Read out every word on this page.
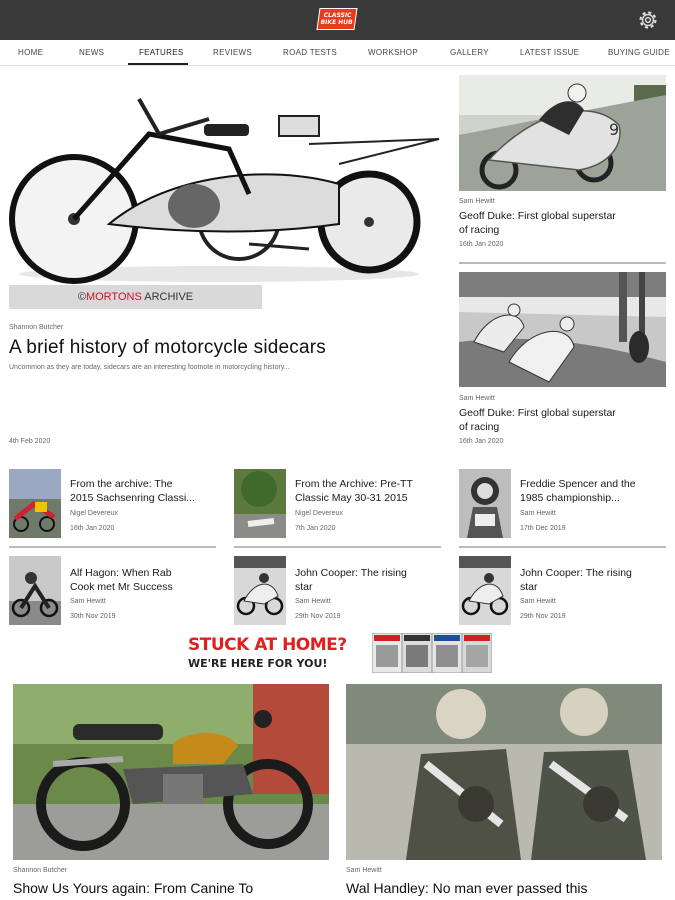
CLASSIC BIKE HUB
HOME	NEWS	FEATURES	REVIEWS	ROAD TESTS	WORKSHOP	GALLERY	LATEST ISSUE	BUYING GUIDE
©MORTONS ARCHIVE
Shannon Butcher
A brief history of motorcycle sidecars
Uncommon as they are today, sidecars are an interesting footnote in motorcycling history...
4th Feb 2020
9
Sam Hewitt
Geoff Duke: First global superstar
of racing
16th Jan 2020
Sam Hewitt
Geoff Duke: First global superstar
of racing
16th Jan 2020
From the archive: The
2015 Sachsenring Classi...
Nigel Devereux
16th Jan 2020
From the Archive: Pre-TT
Classic May 30-31 2015
Nigel Devereux
7th Jan 2020
Freddie Spencer and the
1985 championship...
Sam Hewitt
17th Dec 2019
Alf Hagon: When Rab
Cook met Mr Success
Sam Hewitt
30th Nov 2019
John Cooper: The rising
star
Sam Hewitt
29th Nov 2019
John Cooper: The rising
star
Sam Hewitt
29th Nov 2019
STUCK AT HOME?
WE'RE HERE FOR YOU!
Shannon Butcher
Show Us Yours again: From Canine To
Sam Hewitt
Wal Handley: No man ever passed this
